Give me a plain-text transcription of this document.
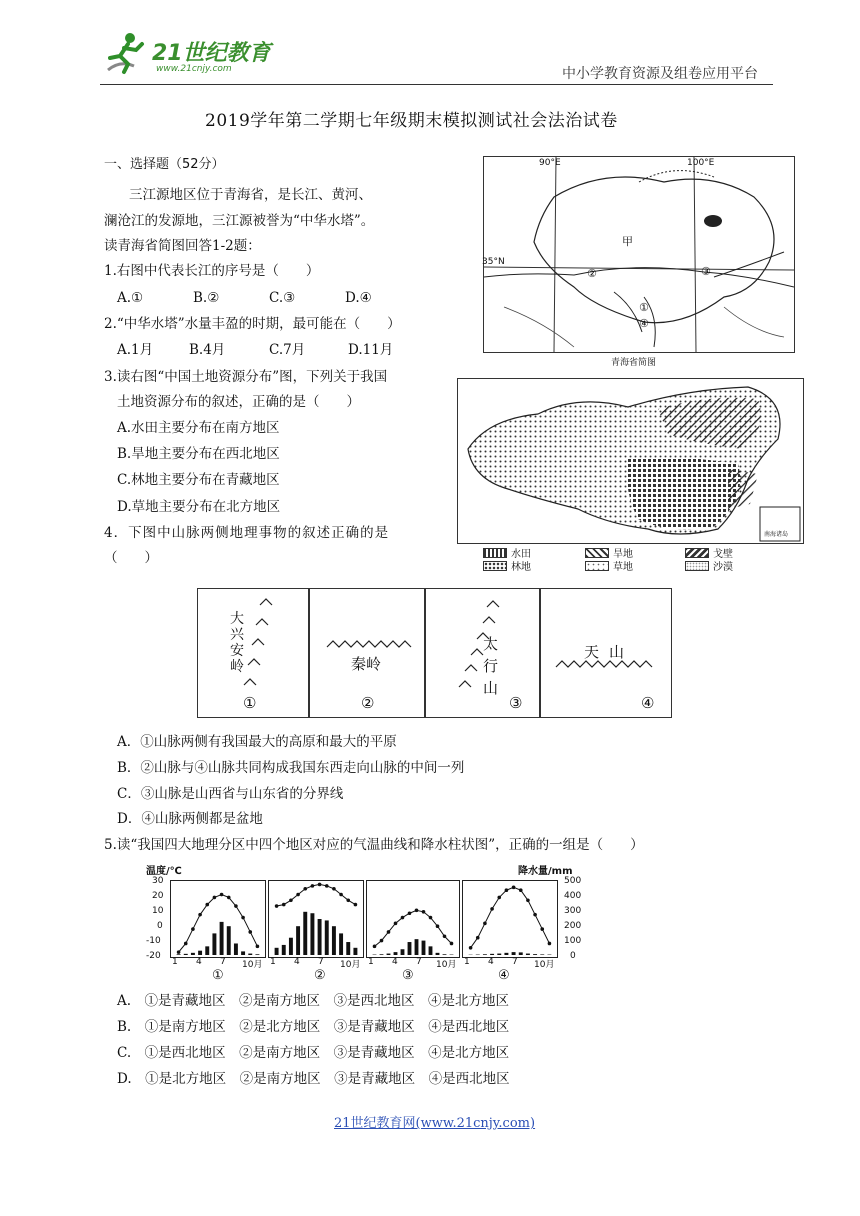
21世纪教育
www.21cnjy.com	中小学教育资源及组卷应用平台
2019学年第二学期七年级期末模拟测试社会法治试卷
一、选择题（52分）
三江源地区位于青海省，是长江、黄河、
澜沧江的发源地，三江源被誉为“中华水塔”。
读青海省简图回答1-2题：
1.右图中代表长江的序号是（　　）
A.①	B.②	C.③	D.④
2.“中华水塔”水量丰盈的时期，最可能在（　　）
A.1月	B.4月	C.7月	D.11月
3.读右图“中国土地资源分布”图，下列关于我国
土地资源分布的叙述，正确的是（　　）
A.水田主要分布在南方地区
B.旱地主要分布在西北地区
C.林地主要分布在青藏地区
D.草地主要分布在北方地区
4．下图中山脉两侧地理事物的叙述正确的是
（　　）
90°E	100°E
35°N
甲
②	③
①
④
青海省简图
南海诸岛
水田	旱地	戈壁
林地	草地	沙漠
大兴安岭
①
秦岭
②
太行山
③
天山
④
A．①山脉两侧有我国最大的高原和最大的平原
B．②山脉与④山脉共同构成我国东西走向山脉的中间一列
C．③山脉是山西省与山东省的分界线
D．④山脉两侧都是盆地
5.读“我国四大地理分区中四个地区对应的气温曲线和降水柱状图”，正确的一组是（　　）
温度/℃	降水量/mm
30
20
10
0
-10
-20
500
400
300
200
100
0
1 4 7 10月 1 4 7 10月 1 4 7 10月 1 4 7 10月
①	②	③	④
A.　①是青藏地区　②是南方地区　③是西北地区　④是北方地区
B.　①是南方地区　②是北方地区　③是青藏地区　④是西北地区
C.　①是西北地区　②是南方地区　③是青藏地区　④是北方地区
D.　①是北方地区　②是南方地区　③是青藏地区　④是西北地区
21世纪教育网(www.21cnjy.com)
